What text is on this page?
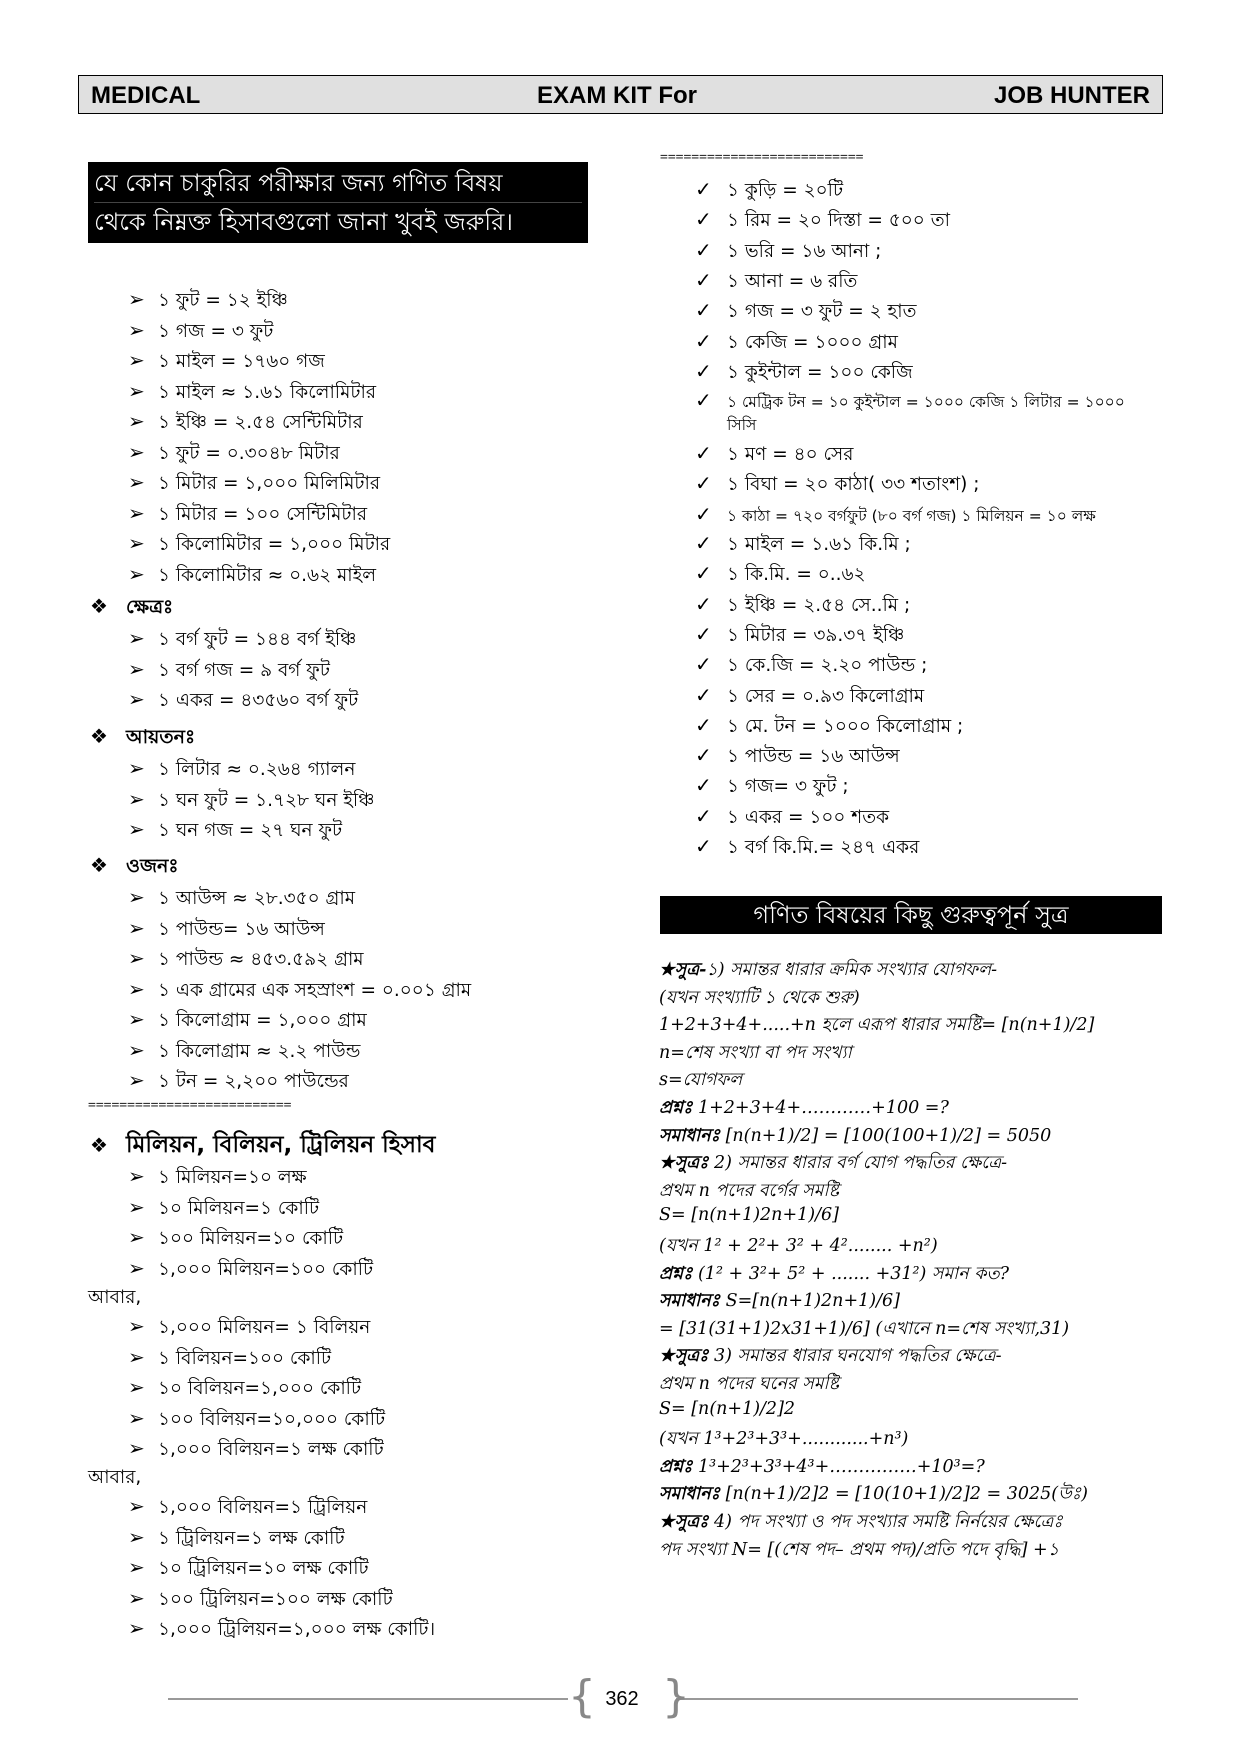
MEDICAL	EXAM KIT For	JOB HUNTER
যে কোন চাকুরির পরীক্ষার জন্য গণিত বিষয়
থেকে নিম্নক্ত হিসাবগুলো জানা খুবই জরুরি।
➢ ১ ফুট = ১২ ইঞ্চি
➢ ১ গজ = ৩ ফুট
➢ ১ মাইল = ১৭৬০ গজ
➢ ১ মাইল ≈ ১.৬১ কিলোমিটার
➢ ১ ইঞ্চি = ২.৫৪ সেন্টিমিটার
➢ ১ ফুট = ০.৩০৪৮ মিটার
➢ ১ মিটার = ১,০০০ মিলিমিটার
➢ ১ মিটার = ১০০ সেন্টিমিটার
➢ ১ কিলোমিটার = ১,০০০ মিটার
➢ ১ কিলোমিটার ≈ ০.৬২ মাইল
❖ ক্ষেত্রঃ
➢ ১ বর্গ ফুট = ১৪৪ বর্গ ইঞ্চি
➢ ১ বর্গ গজ = ৯ বর্গ ফুট
➢ ১ একর = ৪৩৫৬০ বর্গ ফুট
❖ আয়তনঃ
➢ ১ লিটার ≈ ০.২৬৪ গ্যালন
➢ ১ ঘন ফুট = ১.৭২৮ ঘন ইঞ্চি
➢ ১ ঘন গজ = ২৭ ঘন ফুট
❖ ওজনঃ
➢ ১ আউন্স ≈ ২৮.৩৫০ গ্রাম
➢ ১ পাউন্ড= ১৬ আউন্স
➢ ১ পাউন্ড ≈ ৪৫৩.৫৯২ গ্রাম
➢ ১ এক গ্রামের এক সহস্রাংশ = ০.০০১ গ্রাম
➢ ১ কিলোগ্রাম = ১,০০০ গ্রাম
➢ ১ কিলোগ্রাম ≈ ২.২ পাউন্ড
➢ ১ টন = ২,২০০ পাউন্ডের
==========================
❖ মিলিয়ন, বিলিয়ন, ট্রিলিয়ন হিসাব
➢ ১ মিলিয়ন=১০ লক্ষ
➢ ১০ মিলিয়ন=১ কোটি
➢ ১০০ মিলিয়ন=১০ কোটি
➢ ১,০০০ মিলিয়ন=১০০ কোটি
আবার,
➢ ১,০০০ মিলিয়ন= ১ বিলিয়ন
➢ ১ বিলিয়ন=১০০ কোটি
➢ ১০ বিলিয়ন=১,০০০ কোটি
➢ ১০০ বিলিয়ন=১০,০০০ কোটি
➢ ১,০০০ বিলিয়ন=১ লক্ষ কোটি
আবার,
➢ ১,০০০ বিলিয়ন=১ ট্রিলিয়ন
➢ ১ ট্রিলিয়ন=১ লক্ষ কোটি
➢ ১০ ট্রিলিয়ন=১০ লক্ষ কোটি
➢ ১০০ ট্রিলিয়ন=১০০ লক্ষ কোটি
➢ ১,০০০ ট্রিলিয়ন=১,০০০ লক্ষ কোটি।
==========================
গণিত বিষয়ের কিছু গুরুত্বপূর্ন সুত্র
✓ ১ কুড়ি = ২০টি
✓ ১ রিম = ২০ দিস্তা = ৫০০ তা
✓ ১ ভরি = ১৬ আনা ;
✓ ১ আনা = ৬ রতি
✓ ১ গজ = ৩ ফুট = ২ হাত
✓ ১ কেজি = ১০০০ গ্রাম
✓ ১ কুইন্টাল = ১০০ কেজি
✓ ১ মেট্রিক টন = ১০ কুইন্টাল = ১০০০ কেজি ১ লিটার = ১০০০
সিসি
✓ ১ মণ = ৪০ সের
✓ ১ বিঘা = ২০ কাঠা( ৩৩ শতাংশ) ;
✓ ১ কাঠা = ৭২০ বর্গফুট (৮০ বর্গ গজ) ১ মিলিয়ন = ১০ লক্ষ
✓ ১ মাইল = ১.৬১ কি.মি ;
✓ ১ কি.মি. = ০..৬২
✓ ১ ইঞ্চি = ২.৫৪ সে..মি ;
✓ ১ মিটার = ৩৯.৩৭ ইঞ্চি
✓ ১ কে.জি = ২.২০ পাউন্ড ;
✓ ১ সের = ০.৯৩ কিলোগ্রাম
✓ ১ মে. টন = ১০০০ কিলোগ্রাম ;
✓ ১ পাউন্ড = ১৬ আউন্স
✓ ১ গজ= ৩ ফুট ;
✓ ১ একর = ১০০ শতক
✓ ১ বর্গ কি.মি.= ২৪৭ একর
★সুত্র-১) সমান্তর ধারার ক্রমিক সংখ্যার যোগফল-
(যখন সংখ্যাটি ১ থেকে শুরু)
1+2+3+4+.....+n হলে এরূপ ধারার সমষ্টি= [n(n+1)/2]
n=শেষ সংখ্যা বা পদ সংখ্যা
s=যোগফল
প্রশ্নঃ 1+2+3+4+…………+100 =?
সমাধানঃ [n(n+1)/2] = [100(100+1)/2] = 5050
★সুত্রঃ 2) সমান্তর ধারার বর্গ যোগ পদ্ধতির ক্ষেত্রে-
প্রথম n পদের বর্গের সমষ্টি
S= [n(n+1)2n+1)/6]
(যখন 1² + 2²+ 3² + 4²........ +n²)
প্রশ্নঃ (1² + 3²+ 5² + ....... +31²) সমান কত?
সমাধানঃ S=[n(n+1)2n+1)/6]
= [31(31+1)2x31+1)/6] (এখানে n=শেষ সংখ্যা,31)
★সুত্রঃ 3) সমান্তর ধারার ঘনযোগ পদ্ধতির ক্ষেত্রে-
প্রথম n পদের ঘনের সমষ্টি
S= [n(n+1)/2]2
(যখন 1³+2³+3³+............+n³)
প্রশ্নঃ 1³+2³+3³+4³+……………+10³=?
সমাধানঃ [n(n+1)/2]2 = [10(10+1)/2]2 = 3025(উঃ)
★সুত্রঃ 4) পদ সংখ্যা ও পদ সংখ্যার সমষ্টি নির্নয়ের ক্ষেত্রেঃ
পদ সংখ্যা N= [(শেষ পদ– প্রথম পদ)/প্রতি পদে বৃদ্ধি] +১
{ }
362
